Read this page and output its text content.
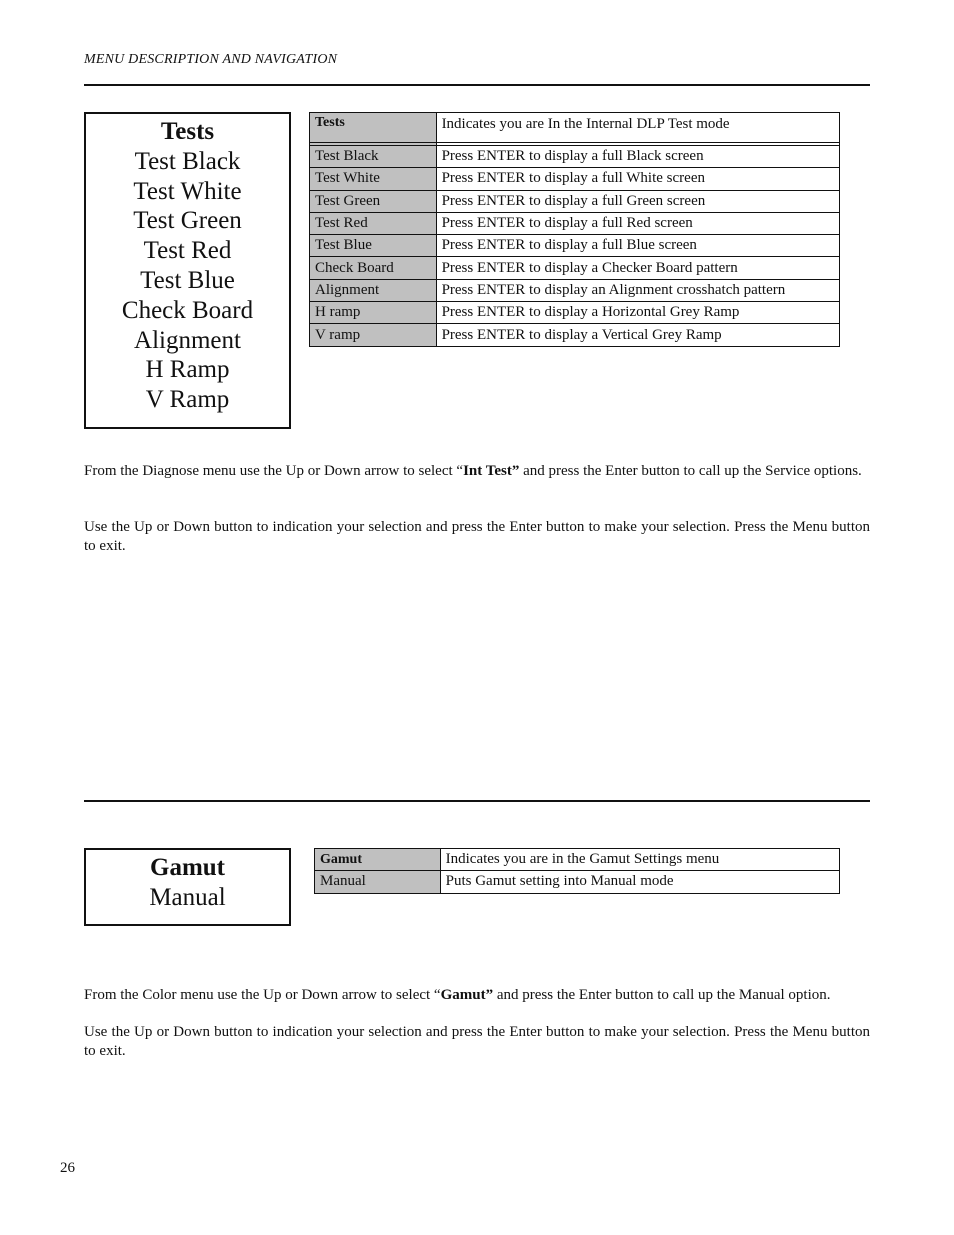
MENU DESCRIPTION AND NAVIGATION
Tests
Test Black
Test White
Test Green
Test Red
Test Blue
Check Board
Alignment
H Ramp
V Ramp
Tests	Indicates you are In the Internal DLP Test mode

Test Black	Press ENTER to display a full Black screen
Test White	Press ENTER to display a full White screen
Test Green	Press ENTER to display a full Green screen
Test Red	Press ENTER to display a full Red screen
Test Blue	Press ENTER to display a full Blue screen
Check Board	Press ENTER to display a Checker Board pattern
Alignment	Press ENTER to display an Alignment crosshatch pattern
H ramp	Press ENTER to display a Horizontal Grey Ramp
V ramp	Press ENTER to display a Vertical Grey Ramp

From the Diagnose menu use the Up or Down arrow to select “Int Test” and press the Enter button to call up the Service options.

Use the Up or Down button to indication your selection and press the Enter button to make your selection. Press the Menu button to exit.

Gamut
Manual
Gamut	Indicates you are in the Gamut Settings menu
Manual	Puts Gamut setting into Manual mode

From the Color menu use the Up or Down arrow to select “Gamut” and press the Enter button to call up the Manual option.

Use the Up or Down button to indication your selection and press the Enter button to make your selection. Press the Menu button to exit.

26
